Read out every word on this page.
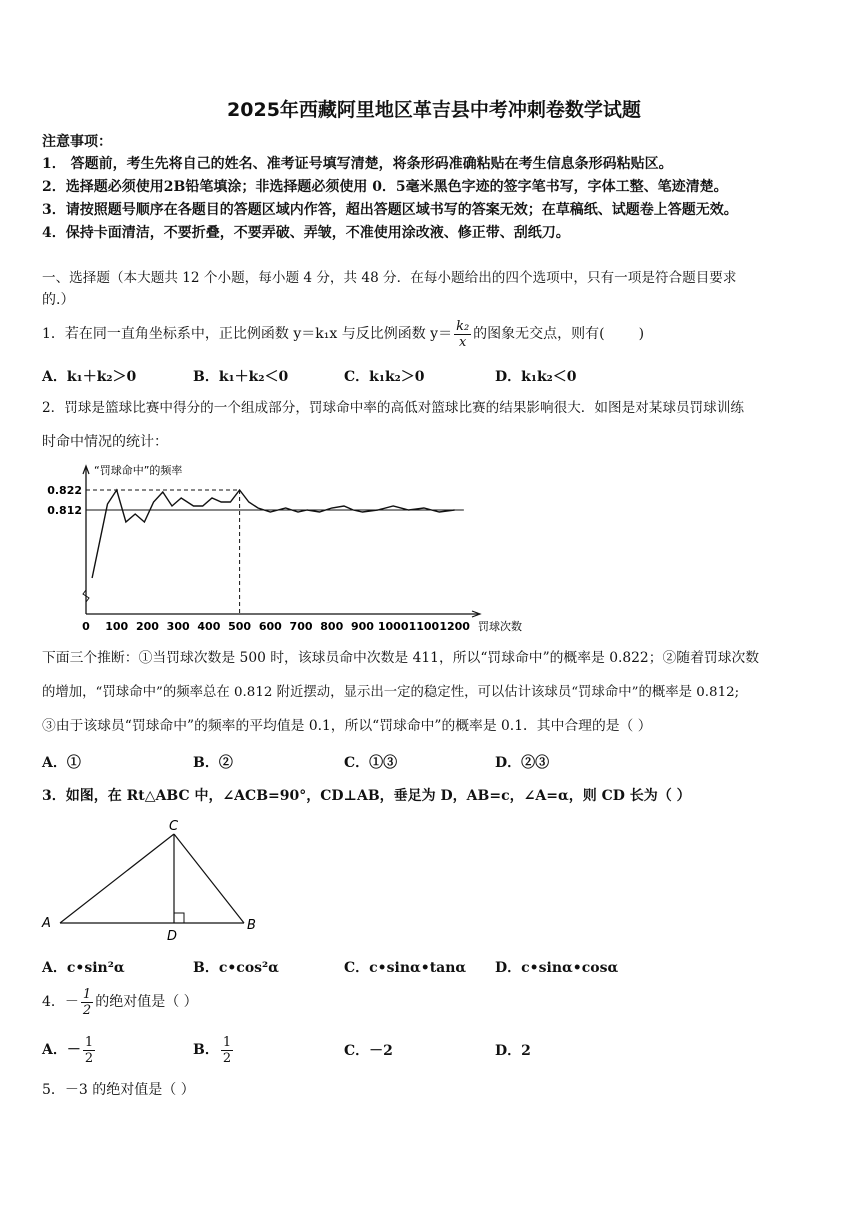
2025年西藏阿里地区革吉县中考冲刺卷数学试题
注意事项：
1． 答题前，考生先将自己的姓名、准考证号填写清楚，将条形码准确粘贴在考生信息条形码粘贴区。
2．选择题必须使用2B铅笔填涂；非选择题必须使用 0．5毫米黑色字迹的签字笔书写，字体工整、笔迹清楚。
3．请按照题号顺序在各题目的答题区域内作答，超出答题区域书写的答案无效；在草稿纸、试题卷上答题无效。
4．保持卡面清洁，不要折叠，不要弄破、弄皱，不准使用涂改液、修正带、刮纸刀。
一、选择题（本大题共 12 个小题，每小题 4 分，共 48 分．在每小题给出的四个选项中，只有一项是符合题目要求
的.）
1．若在同一直角坐标系中，正比例函数 y＝k₁x 与反比例函数 $y= \frac{\text{k₂}}{x}$ 的图象无交点，则有( )
A．k₁＋k₂＞0	B．k₁＋k₂＜0	C．k₁k₂＞0	D．k₁k₂＜0
2．罚球是篮球比赛中得分的一个组成部分，罚球命中率的高低对篮球比赛的结果影响很大．如图是对某球员罚球训练
时命中情况的统计：
“罚球命中”的频率
罚球次数
0 100 200 300 400 500 600 700 800 900 1000 1100 1200
0.822
0.812
下面三个推断：①当罚球次数是 500 时，该球员命中次数是 411，所以“罚球命中”的概率是 0.822；②随着罚球次数
的增加，“罚球命中”的频率总在 0.812 附近摆动，显示出一定的稳定性，可以估计该球员“罚球命中”的概率是 0.812;
③由于该球员“罚球命中”的频率的平均值是 0.1，所以“罚球命中”的概率是 0.1．其中合理的是（ ）
A．①	B．②	C．①③	D．②③
3．如图，在 Rt△ABC 中，∠ACB=90°，CD⊥AB，垂足为 D，AB=c，∠A=α，则 CD 长为（ ）
C
A	B
D
A．c•sin²α	B．c•cos²α	C．c•sinα•tanα D．c•sinα•cosα
4．－ $\frac{1}{2}$ 的绝对值是（ ）
A．－ $\frac{1}{2}$	B． $\frac{1}{2}$	C．－2	D．2
5．－3 的绝对值是（ ）
